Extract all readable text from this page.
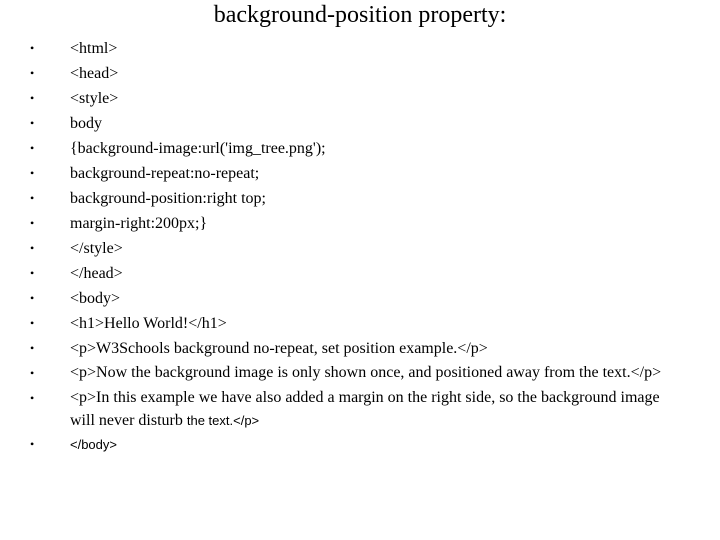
background-position property:
• <html>
• <head>
• <style>
• body
• {background-image:url('img_tree.png');
• background-repeat:no-repeat;
• background-position:right top;
• margin-right:200px;}
• </style>
• </head>
• <body>
• <h1>Hello World!</h1>
• <p>W3Schools background no-repeat, set position example.</p>
• <p>Now the background image is only shown once, and positioned away from the text.</p>
• <p>In this example we have also added a margin on the right side, so the background image will never disturb the text.</p>
•	</body>
